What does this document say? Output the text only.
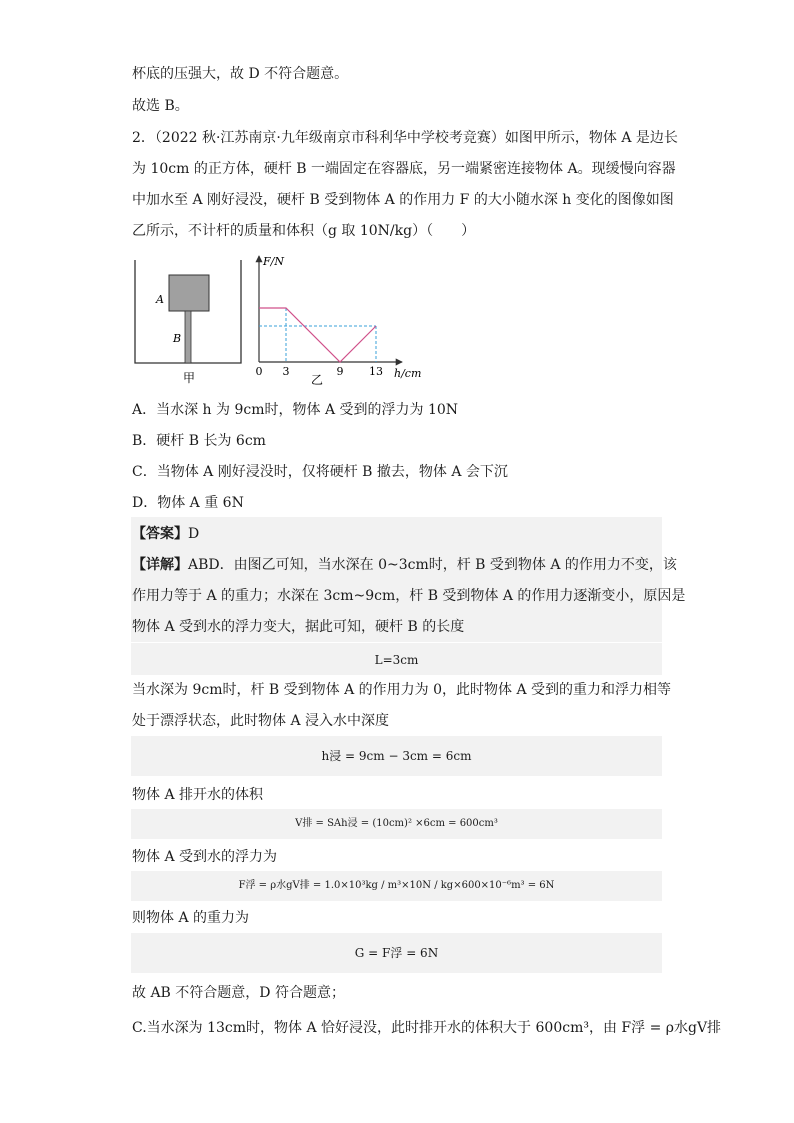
杯底的压强大，故 D 不符合题意。
故选 B。
2．（2022 秋·江苏南京·九年级南京市科利华中学校考竞赛）如图甲所示，物体 A 是边长
为 10cm 的正方体，硬杆 B 一端固定在容器底，另一端紧密连接物体 A。现缓慢向容器
中加水至 A 刚好浸没，硬杆 B 受到物体 A 的作用力 F 的大小随水深 h 变化的图像如图
乙所示，不计杆的质量和体积（g 取 10N/kg）（　　）
A
B
甲	0 3	9 13
F/N
h/cm
乙
A．当水深 h 为 9cm时，物体 A 受到的浮力为 10N
B．硬杆 B 长为 6cm
C．当物体 A 刚好浸没时，仅将硬杆 B 撤去，物体 A 会下沉
D．物体 A 重 6N
【答案】D
【详解】ABD．由图乙可知，当水深在 0~3cm时，杆 B 受到物体 A 的作用力不变，该
作用力等于 A 的重力；水深在 3cm~9cm，杆 B 受到物体 A 的作用力逐渐变小，原因是
物体 A 受到水的浮力变大，据此可知，硬杆 B 的长度
L=3cm
当水深为 9cm时，杆 B 受到物体 A 的作用力为 0，此时物体 A 受到的重力和浮力相等
处于漂浮状态，此时物体 A 浸入水中深度
h浸 = 9cm − 3cm = 6cm
物体 A 排开水的体积
V排 = SAh浸 = (10cm)² ×6cm = 600cm³
物体 A 受到水的浮力为
F浮 = ρ水gV排 = 1.0×10³kg / m³×10N / kg×600×10⁻⁶m³ = 6N
则物体 A 的重力为
G = F浮 = 6N
故 AB 不符合题意，D 符合题意；
C.当水深为 13cm时，物体 A 恰好浸没，此时排开水的体积大于 600cm³，由 F浮 = ρ水gV排
